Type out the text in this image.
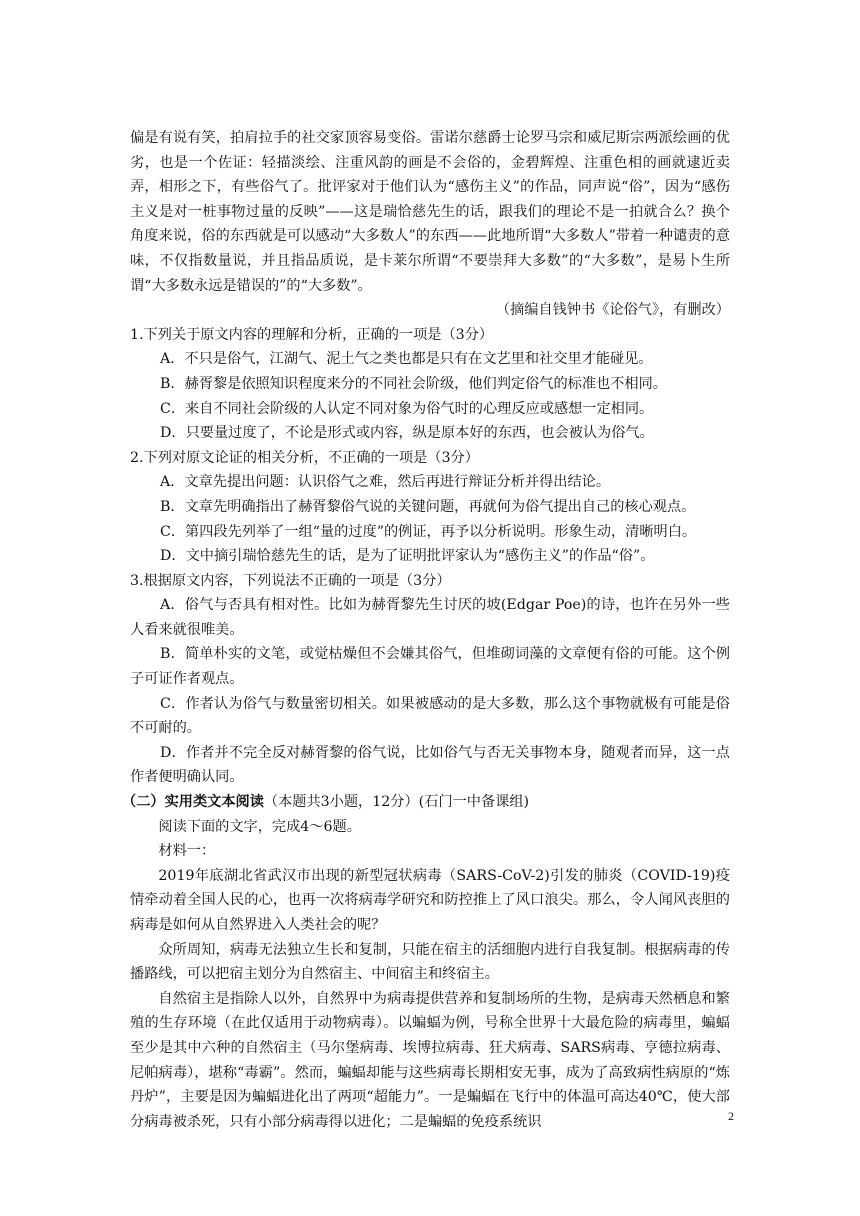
偏是有说有笑，拍肩拉手的社交家顶容易变俗。雷诺尔慈爵士论罗马宗和威尼斯宗两派绘画的优劣，也是一个佐证：轻描淡绘、注重风韵的画是不会俗的，金碧辉煌、注重色相的画就逮近卖弄，相形之下，有些俗气了。批评家对于他们认为“感伤主义”的作品，同声说“俗”，因为“感伤主义是对一桩事物过量的反映”——这是瑞恰慈先生的话，跟我们的理论不是一拍就合么？换个角度来说，俗的东西就是可以感动“大多数人”的东西——此地所谓“大多数人”带着一种谴责的意味，不仅指数量说，并且指品质说，是卡莱尔所谓“不要崇拜大多数”的“大多数”，是易卜生所谓“大多数永远是错误的”的“大多数”。

（摘编自钱钟书《论俗气》，有删改）

1.下列关于原文内容的理解和分析，正确的一项是（3分）

A．不只是俗气，江湖气、泥土气之类也都是只有在文艺里和社交里才能碰见。

B．赫胥黎是依照知识程度来分的不同社会阶级，他们判定俗气的标准也不相同。

C．来自不同社会阶级的人认定不同对象为俗气时的心理反应或感想一定相同。

D．只要量过度了，不论是形式或内容，纵是原本好的东西，也会被认为俗气。

2.下列对原文论证的相关分析，不正确的一项是（3分）

A．文章先提出问题：认识俗气之难，然后再进行辩证分析并得出结论。

B．文章先明确指出了赫胥黎俗气说的关键问题，再就何为俗气提出自己的核心观点。

C．第四段先列举了一组“量的过度”的例证，再予以分析说明。形象生动，清晰明白。

D．文中摘引瑞恰慈先生的话，是为了证明批评家认为“感伤主义”的作品“俗”。

3.根据原文内容，下列说法不正确的一项是（3分）

A．俗气与否具有相对性。比如为赫胥黎先生讨厌的坡(Edgar Poe)的诗，也许在另外一些人看来就很唯美。

B．简单朴实的文笔，或觉枯燥但不会嫌其俗气，但堆砌词藻的文章便有俗的可能。这个例子可证作者观点。

C．作者认为俗气与数量密切相关。如果被感动的是大多数，那么这个事物就极有可能是俗不可耐的。

D．作者并不完全反对赫胥黎的俗气说，比如俗气与否无关事物本身，随观者而异，这一点作者便明确认同。

（二）实用类文本阅读（本题共3小题，12分）(石门一中备课组)

阅读下面的文字，完成4～6题。

材料一：

2019年底湖北省武汉市出现的新型冠状病毒（SARS-CoV-2)引发的肺炎（COVID-19)疫情牵动着全国人民的心，也再一次将病毒学研究和防控推上了风口浪尖。那么，令人闻风丧胆的病毒是如何从自然界进入人类社会的呢？

众所周知，病毒无法独立生长和复制，只能在宿主的活细胞内进行自我复制。根据病毒的传播路线，可以把宿主划分为自然宿主、中间宿主和终宿主。

自然宿主是指除人以外，自然界中为病毒提供营养和复制场所的生物，是病毒天然栖息和繁殖的生存环境（在此仅适用于动物病毒）。以蝙蝠为例，号称全世界十大最危险的病毒里，蝙蝠至少是其中六种的自然宿主（马尔堡病毒、埃博拉病毒、狂犬病毒、SARS病毒、亨德拉病毒、尼帕病毒），堪称“毒霸”。然而，蝙蝠却能与这些病毒长期相安无事，成为了高致病性病原的“炼丹炉”，主要是因为蝙蝠进化出了两项“超能力”。一是蝙蝠在飞行中的体温可高达40℃，使大部分病毒被杀死，只有小部分病毒得以进化；二是蝙蝠的免疫系统识	2
